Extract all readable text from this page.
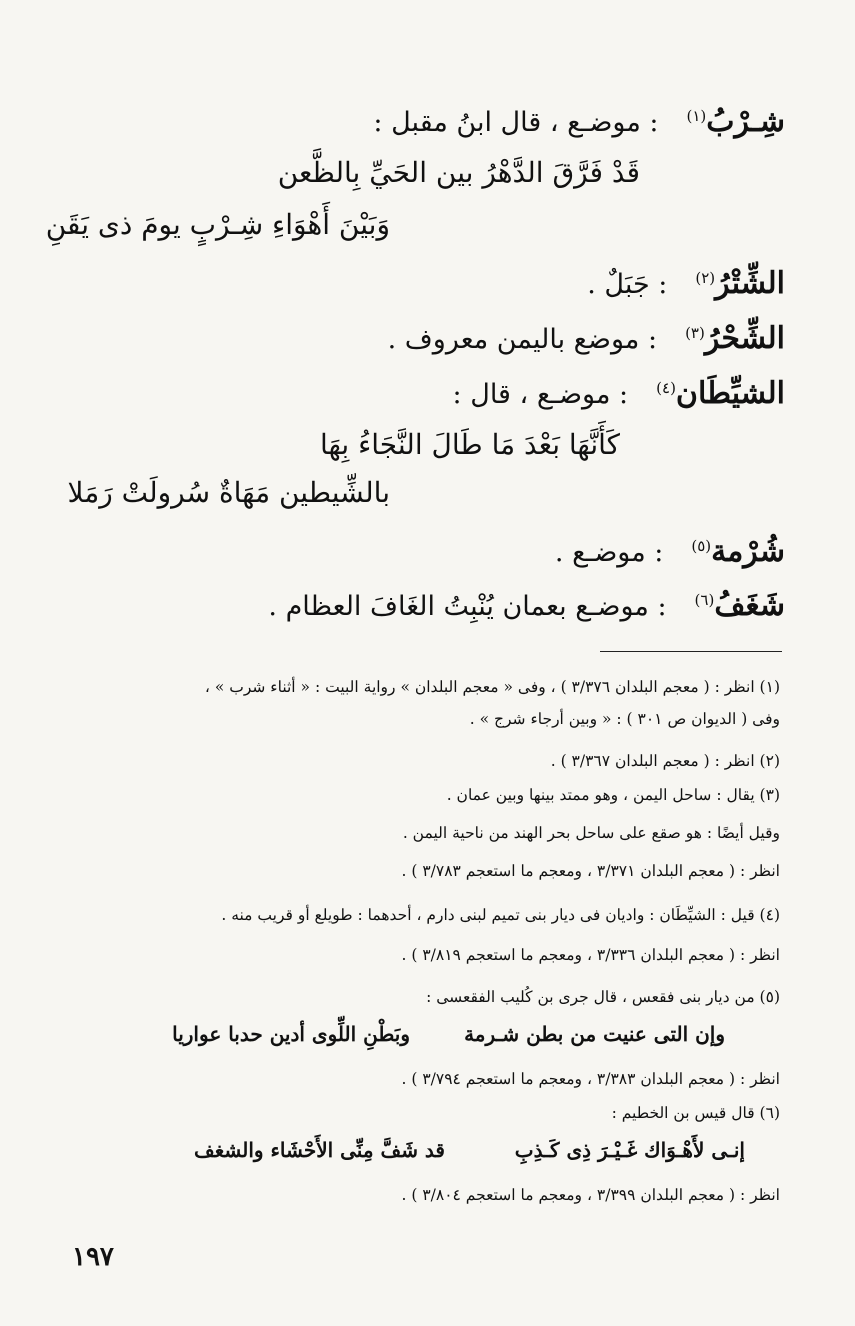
شِـرْبُ$^{(١)}$: موضـع ، قال ابنُ مقبل :
قَدْ فَرَّقَ الدَّهْرُ بين الحَيِّ بِالظَّعن
وَبَيْنَ أَهْوَاءِ شِـرْبٍ يومَ ذى يَقَنِ
الشِّتْرُ$^{(٢)}$: جَبَلٌ .
الشِّحْرُ$^{(٣)}$: موضع باليمن معروف .
الشيِّطَان$^{(٤)}$: موضـع ، قال :
كَأَنَّهَا بَعْدَ مَا طَالَ النَّجَاءُ بِهَا
بالشِّيطين مَهَاةٌ سُرولَتْ رَمَلا
شُرْمة$^{(٥)}$: موضـع .
شَغَفُ$^{(٦)}$: موضـع بعمان يُنْبِتُ الغَافَ العظام .
(١) انظر : ( معجم البلدان ٣/٣٧٦ ) ، وفى « معجم البلدان » رواية البيت : « أثناء شرب » ،
وفى ( الديوان ص ٣٠١ ) : « وبين أرجاء شرج » .
(٢) انظر : ( معجم البلدان ٣/٣٦٧ ) .
(٣) يقال : ساحل اليمن ، وهو ممتد بينها وبين عمان .
وقيل أيضًا : هو صقع على ساحل بحر الهند من ناحية اليمن .
انظر : ( معجم البلدان ٣/٣٧١ ، ومعجم ما استعجم ٣/٧٨٣ ) .
(٤) قيل : الشيِّطَان : واديان فى ديار بنى تميم لبنى دارم ، أحدهما : طويلع أو قريب منه .
انظر : ( معجم البلدان ٣/٣٣٦ ، ومعجم ما استعجم ٣/٨١٩ ) .
(٥) من ديار بنى فقعس ، قال جرى بن كُليب الفقعسى :
وإن التى عنيت من بطن شـرمة
وبَطْنِ اللِّوى أدين حدبا عواريا
انظر : ( معجم البلدان ٣/٣٨٣ ، ومعجم ما استعجم ٣/٧٩٤ ) .
(٦) قال قيس بن الخطيم :
إنـى لأَهْـوَاك غَـيْـرَ ذِى كَـذِبِ
قد شَفَّ مِنِّى الأَحْشَاء والشغف
انظر : ( معجم البلدان ٣/٣٩٩ ، ومعجم ما استعجم ٣/٨٠٤ ) .
١٩٧
